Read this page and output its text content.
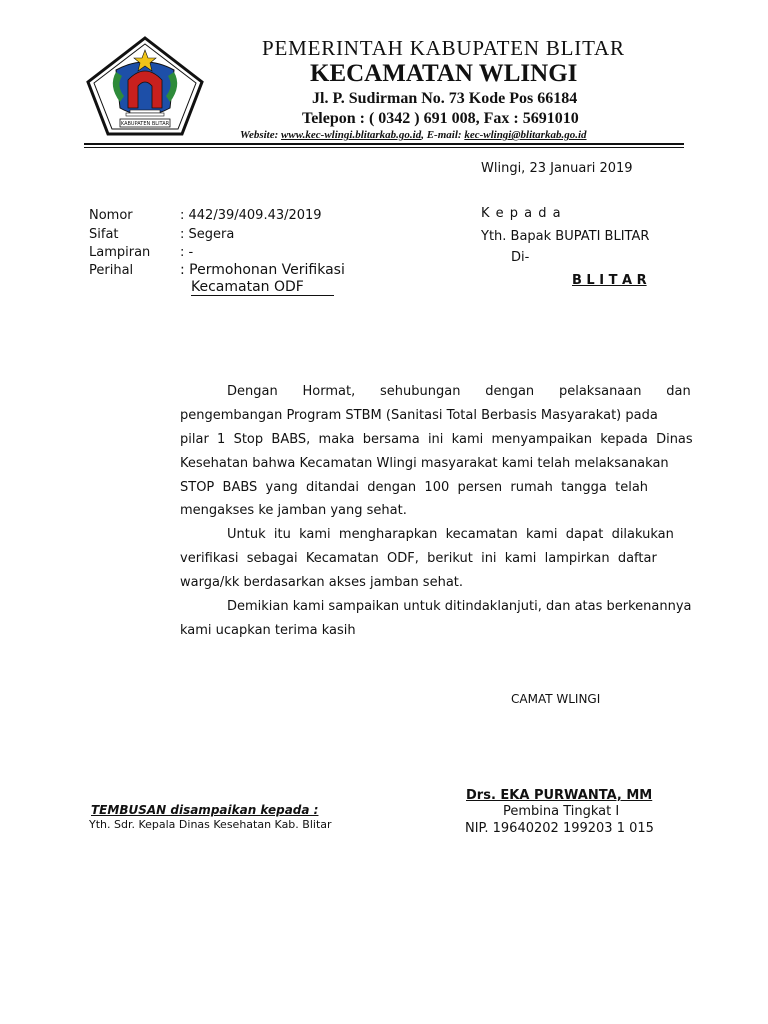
KABUPATEN BLITAR
PEMERINTAH KABUPATEN BLITAR
KECAMATAN WLINGI
Jl. P. Sudirman No. 73 Kode Pos 66184
Telepon : ( 0342 ) 691 008, Fax : 5691010
Website: www.kec-wlingi.blitarkab.go.id, E-mail: kec-wlingi@blitarkab.go.id
Wlingi, 23 Januari 2019
Nomor	: 442/39/409.43/2019
Sifat	: Segera
Lampiran : -
Perihal	: Permohonan Verifikasi
Kecamatan ODF
K e p a d a
Yth. Bapak BUPATI BLITAR
Di-
B L I T A R
Dengan      Hormat,      sehubungan      dengan      pelaksanaan      dan
pengembangan Program STBM (Sanitasi Total Berbasis Masyarakat) pada
pilar  1  Stop  BABS,  maka  bersama  ini  kami  menyampaikan  kepada  Dinas
Kesehatan bahwa Kecamatan Wlingi masyarakat kami telah melaksanakan
STOP  BABS  yang  ditandai  dengan  100  persen  rumah  tangga  telah
mengakses ke jamban yang sehat.
Untuk  itu  kami  mengharapkan  kecamatan  kami  dapat  dilakukan
verifikasi  sebagai  Kecamatan  ODF,  berikut  ini  kami  lampirkan  daftar
warga/kk berdasarkan akses jamban sehat.
Demikian kami sampaikan untuk ditindaklanjuti, dan atas berkenannya
kami ucapkan terima kasih
CAMAT WLINGI
Drs. EKA PURWANTA, MM
Pembina Tingkat I
NIP. 19640202 199203 1 015
TEMBUSAN disampaikan kepada :
Yth. Sdr. Kepala Dinas Kesehatan Kab. Blitar
